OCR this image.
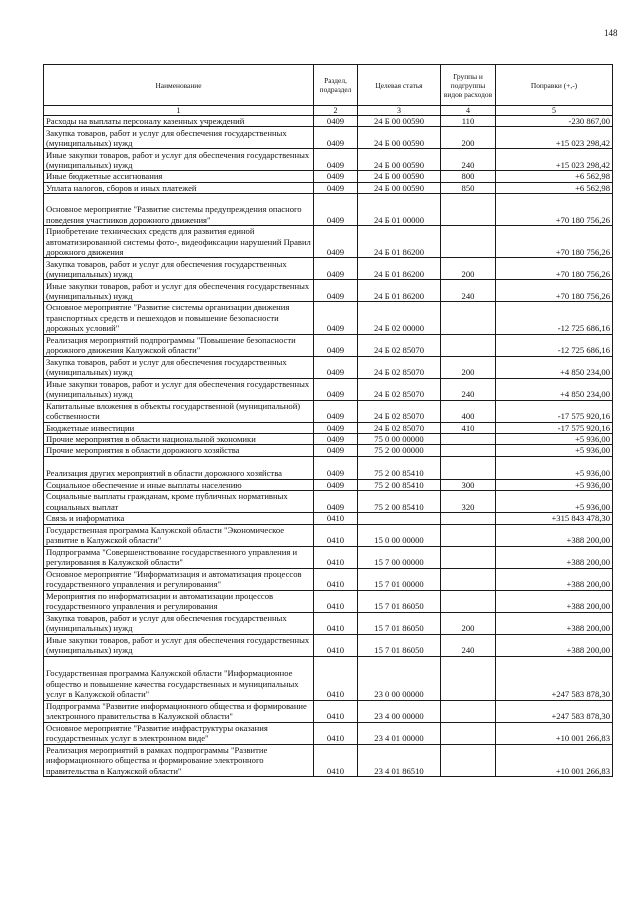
148
Наименование	Раздел, подраздел	Целевая статья	Группы и подгруппы видов расходов	Поправки (+,-)
1	2	3	4	5
Расходы на выплаты персоналу казенных учреждений	0409	24 Б 00 00590	110	-230 867,00
Закупка товаров, работ и услуг для обеспечения государственных (муниципальных) нужд	0409	24 Б 00 00590	200	+15 023 298,42
Иные закупки товаров, работ и услуг для обеспечения государственных (муниципальных) нужд	0409	24 Б 00 00590	240	+15 023 298,42
Иные бюджетные ассигнования	0409	24 Б 00 00590	800	+6 562,98
Уплата налогов, сборов и иных платежей	0409	24 Б 00 00590	850	+6 562,98
Основное мероприятие "Развитие системы предупреждения опасного поведения участников дорожного движения"	0409	24 Б 01 00000		+70 180 756,26
Приобретение технических средств для развития единой автоматизированной системы фото-, видеофиксации нарушений Правил дорожного движения	0409	24 Б 01 86200		+70 180 756,26
Закупка товаров, работ и услуг для обеспечения государственных (муниципальных) нужд	0409	24 Б 01 86200	200	+70 180 756,26
Иные закупки товаров, работ и услуг для обеспечения государственных (муниципальных) нужд	0409	24 Б 01 86200	240	+70 180 756,26
Основное мероприятие "Развитие системы организации движения транспортных средств и пешеходов и повышение безопасности дорожных условий"	0409	24 Б 02 00000		-12 725 686,16
Реализация мероприятий подпрограммы "Повышение безопасности дорожного движения Калужской области"	0409	24 Б 02 85070		-12 725 686,16
Закупка товаров, работ и услуг для обеспечения государственных (муниципальных) нужд	0409	24 Б 02 85070	200	+4 850 234,00
Иные закупки товаров, работ и услуг для обеспечения государственных (муниципальных) нужд	0409	24 Б 02 85070	240	+4 850 234,00
Капитальные вложения в объекты государственной (муниципальной) собственности	0409	24 Б 02 85070	400	-17 575 920,16
Бюджетные инвестиции	0409	24 Б 02 85070	410	-17 575 920,16
Прочие мероприятия в области национальной экономики	0409	75 0 00 00000		+5 936,00
Прочие мероприятия в области дорожного хозяйства	0409	75 2 00 00000		+5 936,00
Реализация других мероприятий в области дорожного хозяйства	0409	75 2 00 85410		+5 936,00
Социальное обеспечение и иные выплаты населению	0409	75 2 00 85410	300	+5 936,00
Социальные выплаты гражданам, кроме публичных нормативных социальных выплат	0409	75 2 00 85410	320	+5 936,00
Связь и информатика	0410			+315 843 478,30
Государственная программа Калужской области "Экономическое развитие в Калужской области"	0410	15 0 00 00000		+388 200,00
Подпрограмма "Совершенствование государственного управления и регулирования в Калужской области"	0410	15 7 00 00000		+388 200,00
Основное мероприятие "Информатизация и автоматизация процессов государственного управления и регулирования"	0410	15 7 01 00000		+388 200,00
Мероприятия по информатизации и автоматизации процессов государственного управления и регулирования	0410	15 7 01 86050		+388 200,00
Закупка товаров, работ и услуг для обеспечения государственных (муниципальных) нужд	0410	15 7 01 86050	200	+388 200,00
Иные закупки товаров, работ и услуг для обеспечения государственных (муниципальных) нужд	0410	15 7 01 86050	240	+388 200,00
Государственная программа Калужской области "Информационное общество и повышение качества государственных и муниципальных услуг в Калужской области"	0410	23 0 00 00000		+247 583 878,30
Подпрограмма "Развитие информационного общества и формирование электронного правительства в Калужской области"	0410	23 4 00 00000		+247 583 878,30
Основное мероприятие "Развитие инфраструктуры оказания государственных услуг в электронном виде"	0410	23 4 01 00000		+10 001 266,83
Реализация мероприятий в рамках подпрограммы "Развитие информационного общества и формирование электронного правительства в Калужской области"	0410	23 4 01 86510		+10 001 266,83
